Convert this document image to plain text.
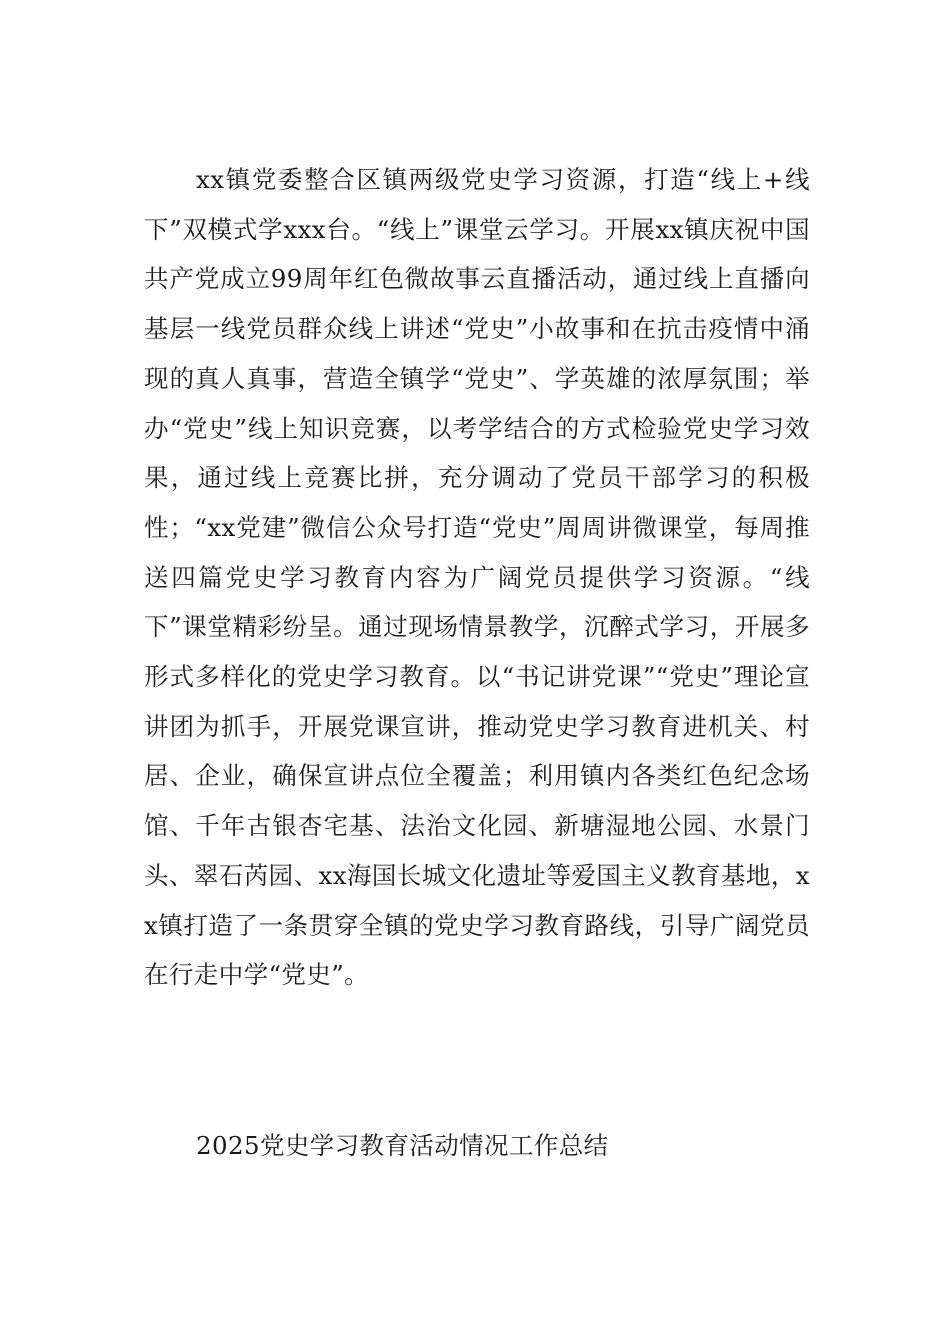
xx镇党委整合区镇两级党史学习资源，打造“线上+线下”双模式学xxx台。“线上”课堂云学习。开展xx镇庆祝中国共产党成立99周年红色微故事云直播活动，通过线上直播向基层一线党员群众线上讲述“党史”小故事和在抗击疫情中涌现的真人真事，营造全镇学“党史”、学英雄的浓厚氛围；举办“党史”线上知识竞赛，以考学结合的方式检验党史学习效果，通过线上竞赛比拼，充分调动了党员干部学习的积极性；“xx党建”微信公众号打造“党史”周周讲微课堂，每周推送四篇党史学习教育内容为广阔党员提供学习资源。“线下”课堂精彩纷呈。通过现场情景教学，沉醉式学习，开展多形式多样化的党史学习教育。以“书记讲党课”“党史”理论宣讲团为抓手，开展党课宣讲，推动党史学习教育进机关、村居、企业，确保宣讲点位全覆盖；利用镇内各类红色纪念场馆、千年古银杏宅基、法治文化园、新塘湿地公园、水景门头、翠石芮园、xx海国长城文化遗址等爱国主义教育基地，xx镇打造了一条贯穿全镇的党史学习教育路线，引导广阔党员在行走中学“党史”。

2025党史学习教育活动情况工作总结
